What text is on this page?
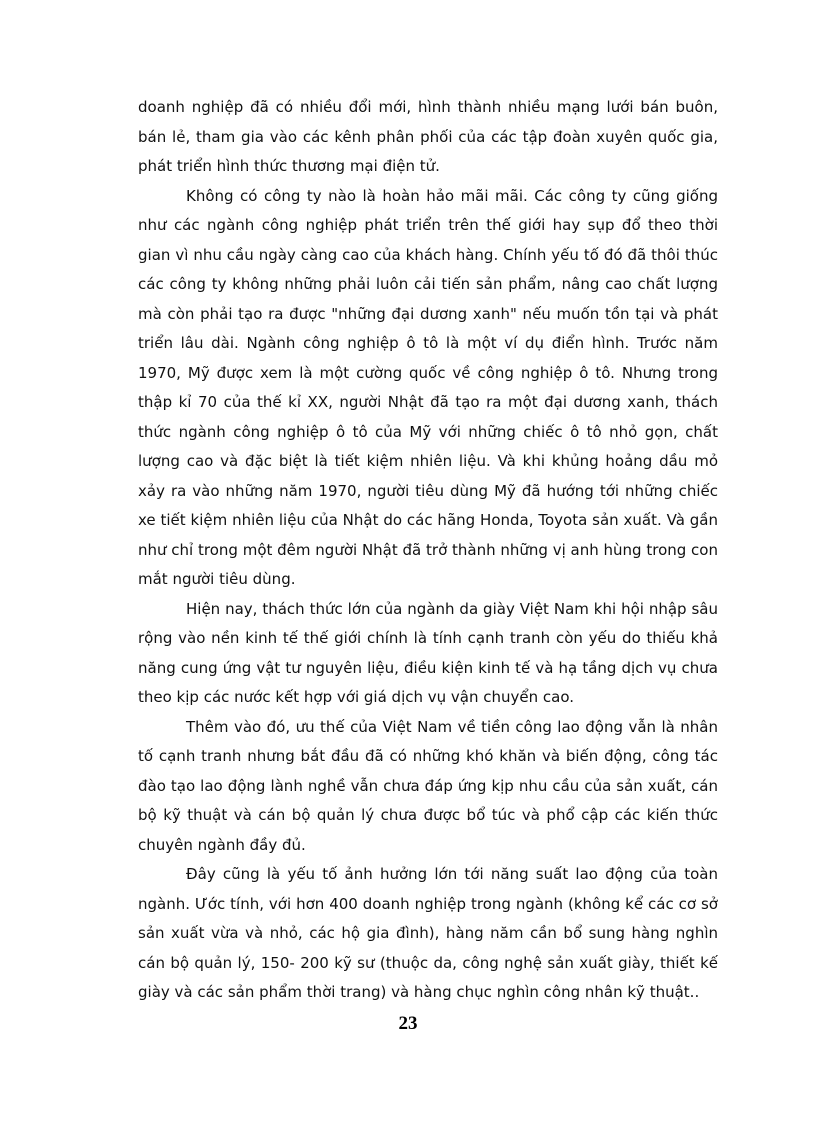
doanh nghiệp đã có nhiều đổi mới, hình thành nhiều mạng lưới bán buôn, bán lẻ, tham gia vào các kênh phân phối của các tập đoàn xuyên quốc gia, phát triển hình thức thương mại điện tử.

Không có công ty nào là hoàn hảo mãi mãi. Các công ty cũng giống như các ngành công nghiệp phát triển trên thế giới hay sụp đổ theo thời gian vì nhu cầu ngày càng cao của khách hàng. Chính yếu tố đó đã thôi thúc các công ty không những phải luôn cải tiến sản phẩm, nâng cao chất lượng mà còn phải tạo ra được "những đại dương xanh" nếu muốn tồn tại và phát triển lâu dài. Ngành công nghiệp ô tô là một ví dụ điển hình. Trước năm 1970, Mỹ được xem là một cường quốc về công nghiệp ô tô. Nhưng trong thập kỉ 70 của thế kỉ XX, người Nhật đã tạo ra một đại dương xanh, thách thức ngành công nghiệp ô tô của Mỹ với những chiếc ô tô nhỏ gọn, chất lượng cao và đặc biệt là tiết kiệm nhiên liệu. Và khi khủng hoảng dầu mỏ xảy ra vào những năm 1970, người tiêu dùng Mỹ đã hướng tới những chiếc xe tiết kiệm nhiên liệu của Nhật do các hãng Honda, Toyota sản xuất. Và gần như chỉ trong một đêm người Nhật đã trở thành những vị anh hùng trong con mắt người tiêu dùng.

Hiện nay, thách thức lớn của ngành da giày Việt Nam khi hội nhập sâu rộng vào nền kinh tế thế giới chính là tính cạnh tranh còn yếu do thiếu khả năng cung ứng vật tư nguyên liệu, điều kiện kinh tế và hạ tầng dịch vụ chưa theo kịp các nước kết hợp với giá dịch vụ vận chuyển cao.

Thêm vào đó, ưu thế của Việt Nam về tiền công lao động vẫn là nhân tố cạnh tranh nhưng bắt đầu đã có những khó khăn và biến động, công tác đào tạo lao động lành nghề vẫn chưa đáp ứng kịp nhu cầu của sản xuất, cán bộ kỹ thuật và cán bộ quản lý chưa được bổ túc và phổ cập các kiến thức chuyên ngành đầy đủ.

Đây cũng là yếu tố ảnh hưởng lớn tới năng suất lao động của toàn ngành. Ước tính, với hơn 400 doanh nghiệp trong ngành (không kể các cơ sở sản xuất vừa và nhỏ, các hộ gia đình), hàng năm cần bổ sung hàng nghìn cán bộ quản lý, 150- 200 kỹ sư (thuộc da, công nghệ sản xuất giày, thiết kế giày và các sản phẩm thời trang) và hàng chục nghìn công nhân kỹ thuật..

23
